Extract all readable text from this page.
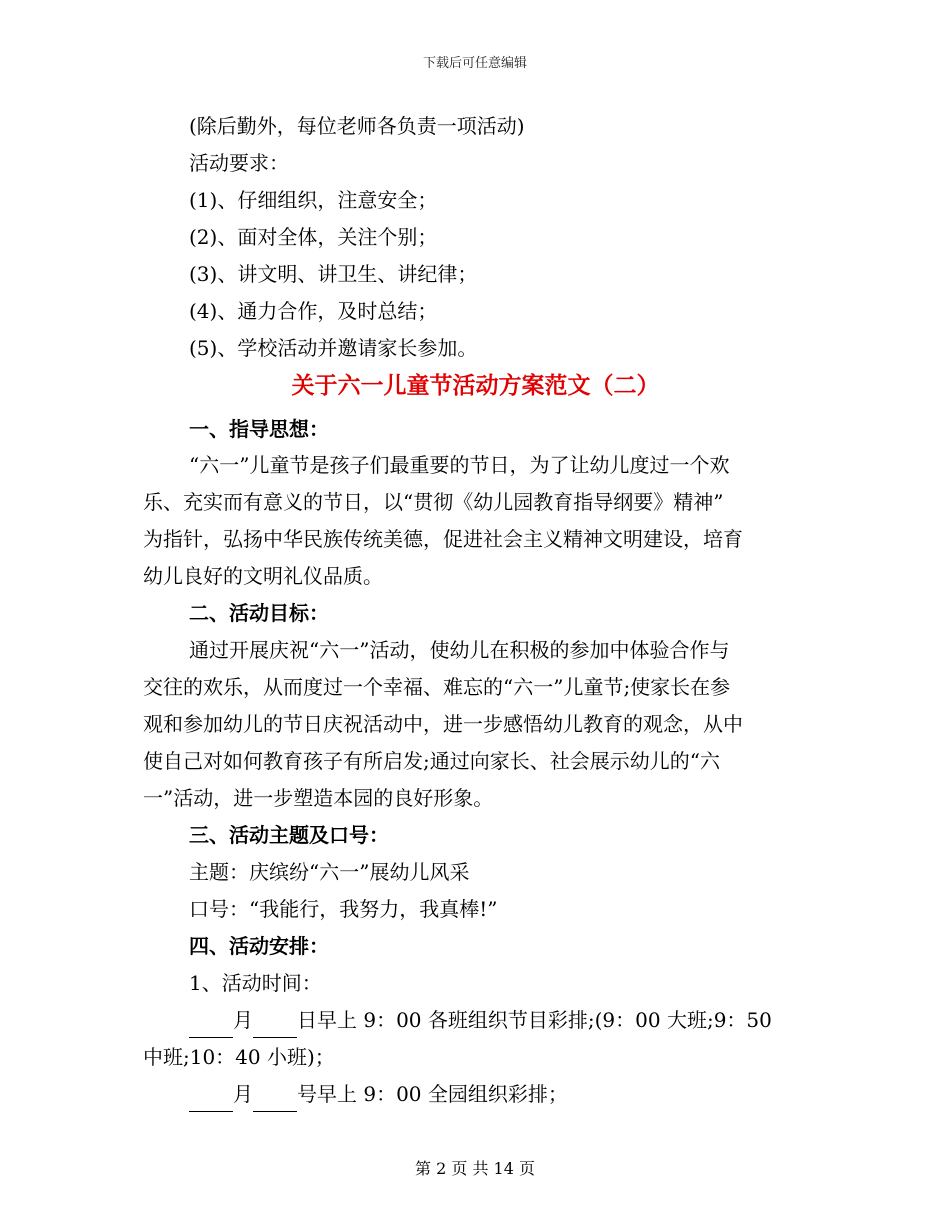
下载后可任意编辑
(除后勤外，每位老师各负责一项活动)
活动要求：
(1)、仔细组织，注意安全；
(2)、面对全体，关注个别；
(3)、讲文明、讲卫生、讲纪律；
(4)、通力合作，及时总结；
(5)、学校活动并邀请家长参加。
关于六一儿童节活动方案范文（二）
一、指导思想：
“六一”儿童节是孩子们最重要的节日，为了让幼儿度过一个欢
乐、充实而有意义的节日，以“贯彻《幼儿园教育指导纲要》精神”
为指针，弘扬中华民族传统美德，促进社会主义精神文明建设，培育
幼儿良好的文明礼仪品质。
二、活动目标：
通过开展庆祝“六一”活动，使幼儿在积极的参加中体验合作与
交往的欢乐，从而度过一个幸福、难忘的“六一”儿童节;使家长在参
观和参加幼儿的节日庆祝活动中，进一步感悟幼儿教育的观念，从中
使自己对如何教育孩子有所启发;通过向家长、社会展示幼儿的“六
一”活动，进一步塑造本园的良好形象。
三、活动主题及口号：
主题：庆缤纷“六一”展幼儿风采
口号：“我能行，我努力，我真棒!”
四、活动安排：
1、活动时间：
月 日早上 9：00 各班组织节目彩排;(9：00 大班;9：50
中班;10：40 小班)；
月 号早上 9：00 全园组织彩排；
第 2 页 共 14 页
